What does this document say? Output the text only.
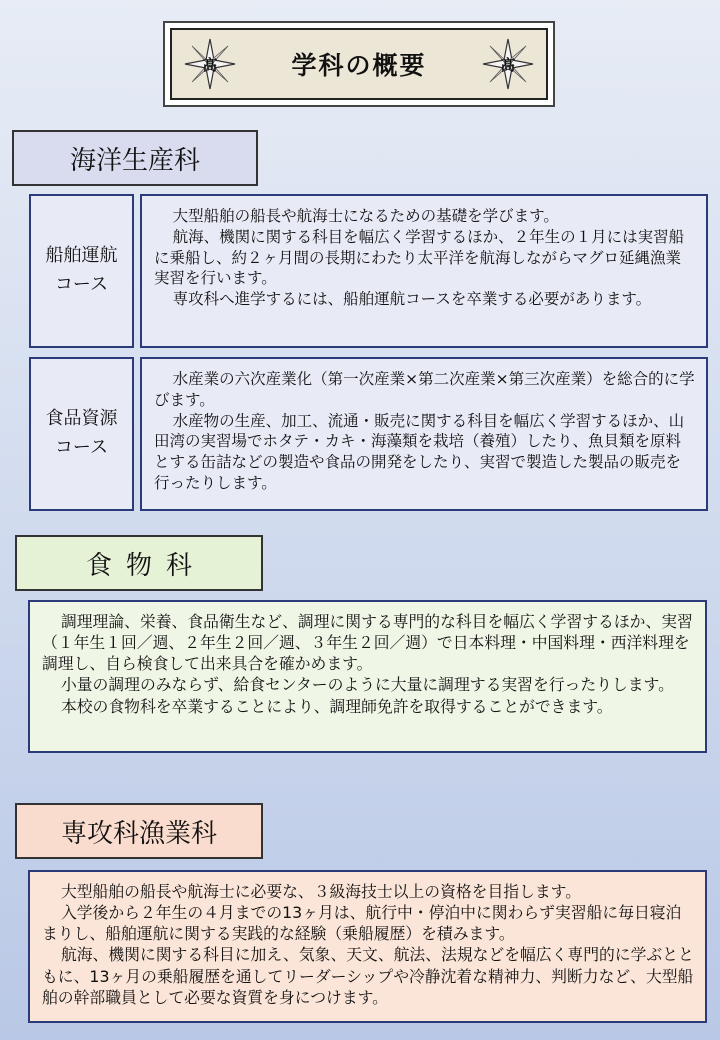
髙	学科の概要	髙
海洋生産科
船舶運航
コース

大型船舶の船長や航海士になるための基礎を学びます。

航海、機関に関する科目を幅広く学習するほか、２年生の１月には実習船に乗船し、約２ヶ月間の長期にわたり太平洋を航海しながらマグロ延縄漁業実習を行います。

専攻科へ進学するには、船舶運航コースを卒業する必要があります。

食品資源
コース

水産業の六次産業化（第一次産業×第二次産業×第三次産業）を総合的に学びます。

水産物の生産、加工、流通・販売に関する科目を幅広く学習するほか、山田湾の実習場でホタテ・カキ・海藻類を栽培（養殖）したり、魚貝類を原料とする缶詰などの製造や食品の開発をしたり、実習で製造した製品の販売を行ったりします。

食物科

調理理論、栄養、食品衛生など、調理に関する専門的な科目を幅広く学習するほか、実習（１年生１回／週、２年生２回／週、３年生２回／週）で日本料理・中国料理・西洋料理を調理し、自ら検食して出来具合を確かめます。

小量の調理のみならず、給食センターのように大量に調理する実習を行ったりします。

本校の食物科を卒業することにより、調理師免許を取得することができます。

専攻科漁業科

大型船舶の船長や航海士に必要な、３級海技士以上の資格を目指します。

入学後から２年生の４月までの13ヶ月は、航行中・停泊中に関わらず実習船に毎日寝泊まりし、船舶運航に関する実践的な経験（乗船履歴）を積みます。

航海、機関に関する科目に加え、気象、天文、航法、法規などを幅広く専門的に学ぶとともに、13ヶ月の乗船履歴を通してリーダーシップや冷静沈着な精神力、判断力など、大型船舶の幹部職員として必要な資質を身につけます。
